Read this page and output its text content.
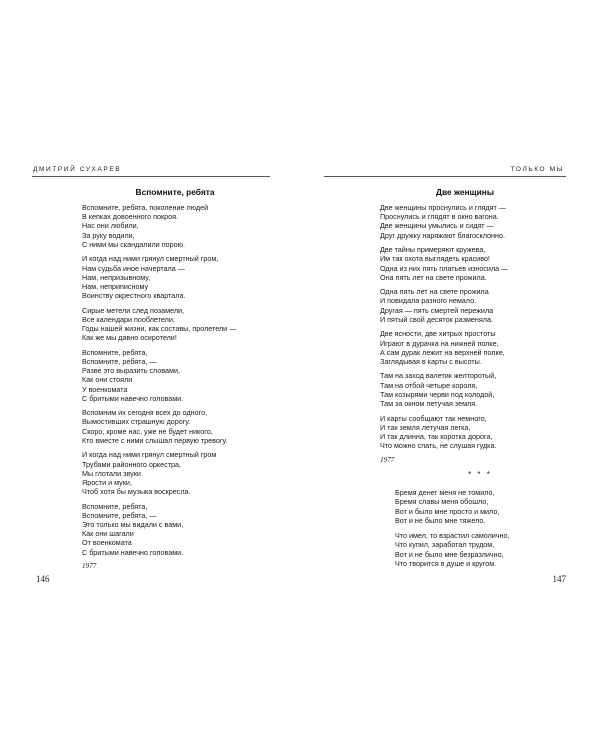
ДМИТРИЙ СУХАРЕВ
Вспомните, ребята
Вспомните, ребята, поколение людей
В кепках довоенного покроя.
Нас они любили,
За руку водили,
С ними мы скандалили порою.
И когда над ними грянул смертный гром,
Нам судьба иное начертала —
Нам, непризывному,
Нам, неприписному
Воинству окрестного квартала.
Сирые метели след позамели,
Все календари пооблетели,
Годы нашей жизни, как составы, пролетели —
Как же мы давно осиротели!
Вспомните, ребята,
Вспомните, ребята, —
Разве это выразить словами,
Как они стояли
У военкомата
С бритыми навечно головами.
Вспомним их сегодня всех до одного,
Вымостивших страшную дорогу.
Скоро, кроме нас, уже не будет никого,
Кто вместе с ними слышал первую тревогу.
И когда над ними грянул смертный гром
Трубами районного оркестра,
Мы глотали звуки
Ярости и муки,
Чтоб хотя бы музыка воскресла.
Вспомните, ребята,
Вспомните, ребята, —
Это только мы видали с вами,
Как они шагали
От военкомата
С бритыми навечно головами.
1977
146
ТОЛЬКО МЫ
Две женщины
Две женщины проснулись и глядят —
Проснулись и глядят в окно вагона.
Две женщины умылись и сидят —
Друг дружку наряжают благосклонно.
Две тайны примеряют кружева,
Им так охота выглядеть красиво!
Одна из них пять платьев износила —
Она пять лет на свете прожила.
Одна пять лет на свете прожила
И повидала разного немало.
Другая — пять смертей пережила
И пятый свой десяток разменяла.
Две ясности, две хитрых простоты
Играют в дурачка на нижней полке,
А сам дурак лежит на верхней полке,
Заглядывая в карты с высоты.
Там на заход валетик желторотый,
Там на отбой четыре короля,
Там козырями черви под колодой,
Там за окном летучая земля.
И карты сообщают так немного,
И так земля летучая легка,
И так длинна, так коротка дорога,
Что можно спать, не слушая гудка.
1977
* * *
Бремя денег меня не томило,
Бремя славы меня обошло,
Вот и было мне просто и мило,
Вот и не было мне тяжело.
Что имел, то взрастил самолично,
Что купил, заработал трудом,
Вот и не было мне безразлично,
Что творится в душе и кругом.
147
